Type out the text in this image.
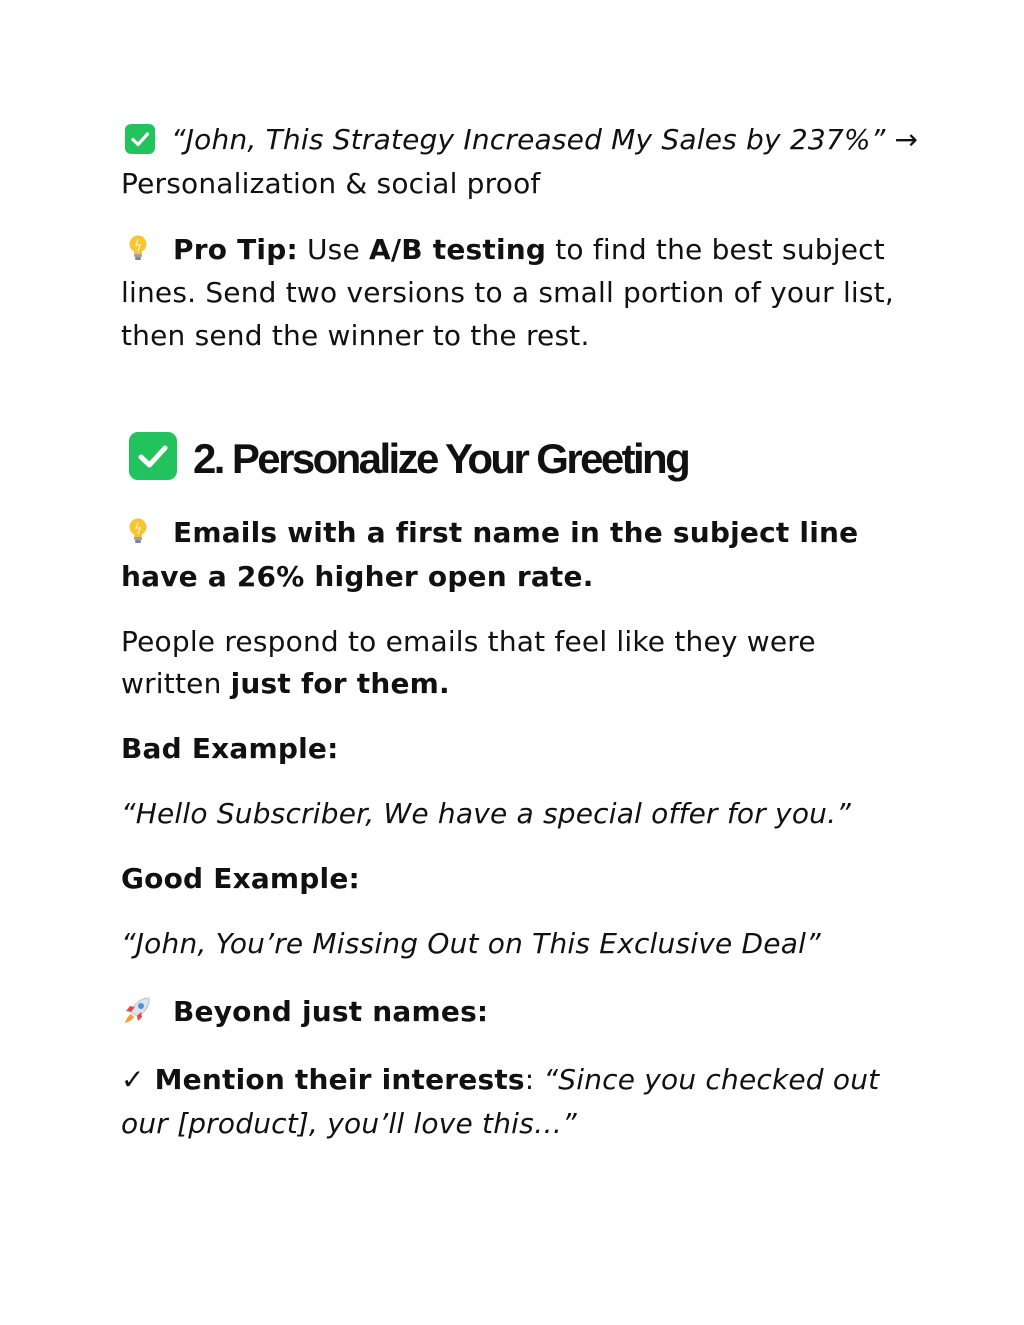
“John, This Strategy Increased My Sales by 237%” → Personalization & social proof

Pro Tip: Use A/B testing to find the best subject lines. Send two versions to a small portion of your list, then send the winner to the rest.

2. Personalize Your Greeting

Emails with a first name in the subject line have a 26% higher open rate.

People respond to emails that feel like they were written just for them.

Bad Example:

“Hello Subscriber, We have a special offer for you.”

Good Example:

“John, You’re Missing Out on This Exclusive Deal”

Beyond just names:

✓ Mention their interests: “Since you checked out our [product], you’ll love this…”
